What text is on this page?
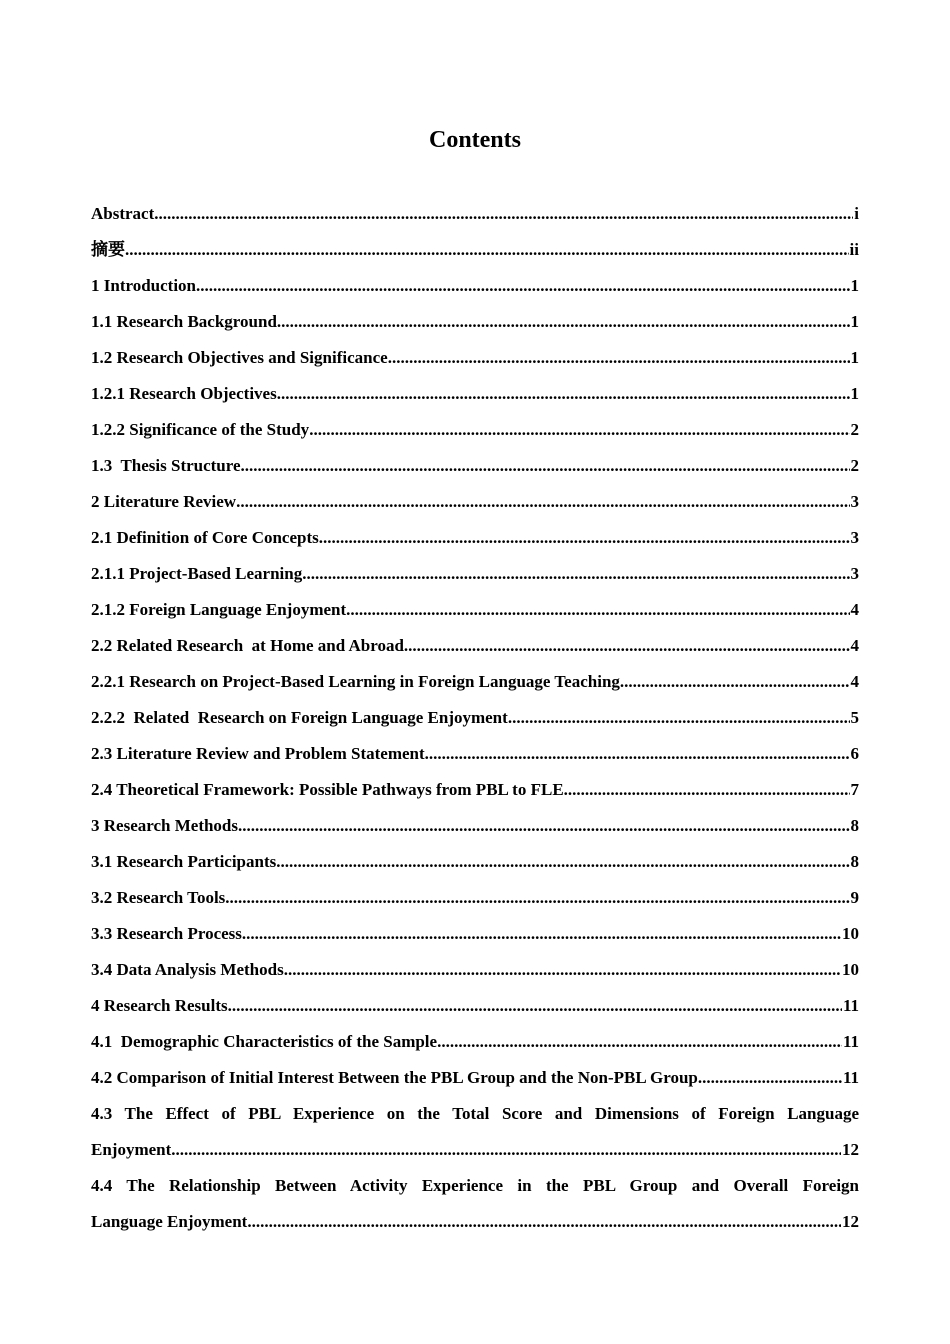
Contents
Abstract .....	i
摘要 .....	ii
1 Introduction .....	1
1.1 Research Background .....	1
1.2 Research Objectives and Significance .....	1
1.2.1 Research Objectives .....	1
1.2.2 Significance of the Study .....	2
1.3  Thesis Structure .....	2
2 Literature Review .....	3
2.1 Definition of Core Concepts .....	3
2.1.1 Project-Based Learning .....	3
2.1.2 Foreign Language Enjoyment .....	4
2.2 Related Research  at Home and Abroad .....	4
2.2.1 Research on Project-Based Learning in Foreign Language Teaching .....	4
2.2.2  Related  Research on Foreign Language Enjoyment .....	5
2.3 Literature Review and Problem Statement .....	6
2.4 Theoretical Framework: Possible Pathways from PBL to FLE .....	7
3 Research Methods .....	8
3.1 Research Participants .....	8
3.2 Research Tools .....	9
3.3 Research Process .....	10
3.4 Data Analysis Methods .....	10
4 Research Results .....	11
4.1  Demographic Characteristics of the Sample .....	11
4.2 Comparison of Initial Interest Between the PBL Group and the Non-PBL Group .....	11
4.3 The Effect of PBL Experience on the Total Score and Dimensions of Foreign Language
Enjoyment .....	12
4.4 The Relationship Between Activity Experience in the PBL Group and Overall Foreign
Language Enjoyment .....	12
